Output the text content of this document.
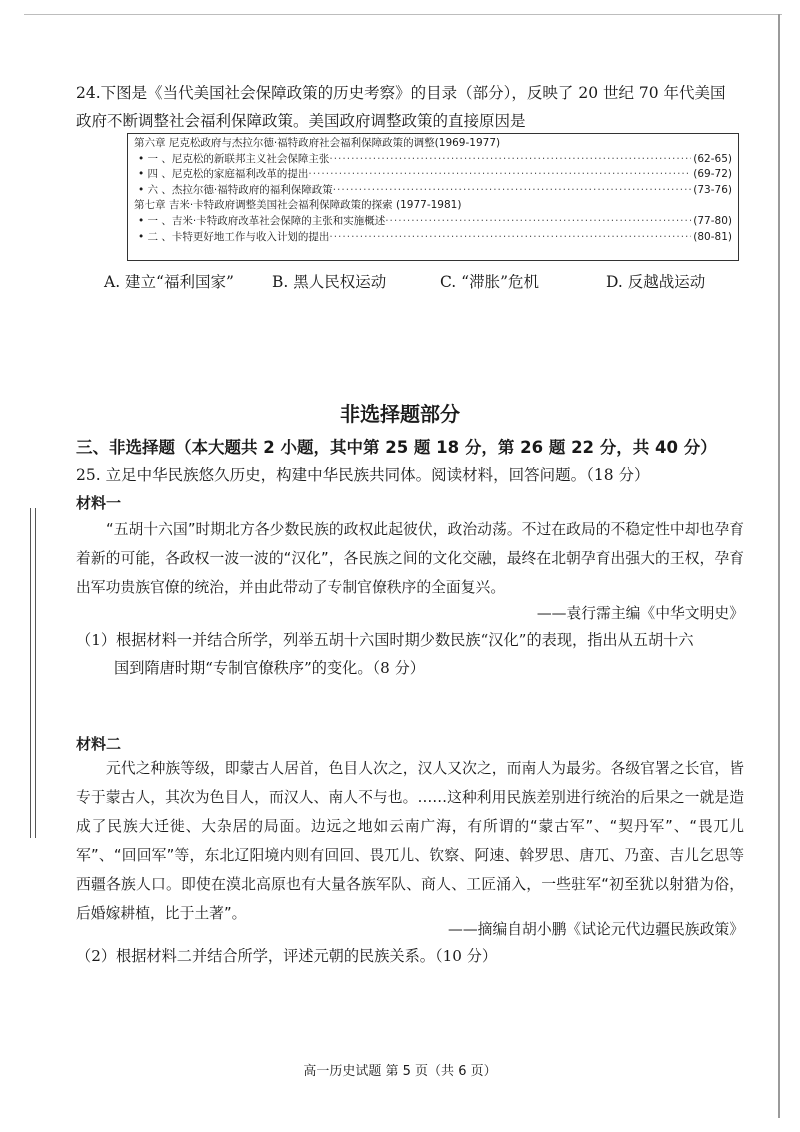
24.下图是《当代美国社会保障政策的历史考察》的目录（部分），反映了 20 世纪 70 年代美国
政府不断调整社会福利保障政策。美国政府调整政策的直接原因是
第六章 尼克松政府与杰拉尔德·福特政府社会福利保障政策的调整(1969-1977)
• 一 、尼克松的新联邦主义社会保障主张 ·····	(62-65)
• 四 、尼克松的家庭福利改革的提出 ·····	(69-72)
• 六 、杰拉尔德·福特政府的福利保障政策 ·····	(73-76)
第七章 吉米·卡特政府调整美国社会福利保障政策的探索 (1977-1981)
• 一 、吉米·卡特政府改革社会保障的主张和实施概述 ·····	(77-80)
• 二 、卡特更好地工作与收入计划的提出 ·····	(80-81)
A. 建立“福利国家” B. 黑人民权运动	C. “滞胀”危机	D. 反越战运动
非选择题部分
三、非选择题（本大题共 2 小题，其中第 25 题 18 分，第 26 题 22 分，共 40 分）
25. 立足中华民族悠久历史，构建中华民族共同体。阅读材料，回答问题。（18 分）
材料一
“五胡十六国”时期北方各少数民族的政权此起彼伏，政治动荡。不过在政局的不稳定性中却也孕育着新的可能，各政权一波一波的“汉化”，各民族之间的文化交融，最终在北朝孕育出强大的王权，孕育出军功贵族官僚的统治，并由此带动了专制官僚秩序的全面复兴。
——袁行霈主编《中华文明史》
（1）根据材料一并结合所学，列举五胡十六国时期少数民族“汉化”的表现，指出从五胡十六
国到隋唐时期“专制官僚秩序”的变化。（8 分）
材料二
元代之种族等级，即蒙古人居首，色目人次之，汉人又次之，而南人为最劣。各级官署之长官，皆专于蒙古人，其次为色目人，而汉人、南人不与也。……这种利用民族差别进行统治的后果之一就是造成了民族大迁徙、大杂居的局面。边远之地如云南广海，有所谓的“蒙古军”、“契丹军”、“畏兀儿军”、“回回军”等，东北辽阳境内则有回回、畏兀儿、钦察、阿速、斡罗思、唐兀、乃蛮、吉儿乞思等西疆各族人口。即使在漠北高原也有大量各族军队、商人、工匠涌入，一些驻军“初至犹以射猎为俗，后婚嫁耕植，比于土著”。
——摘编自胡小鹏《试论元代边疆民族政策》
（2）根据材料二并结合所学，评述元朝的民族关系。（10 分）
高一历史试题 第 5 页（共 6 页）
